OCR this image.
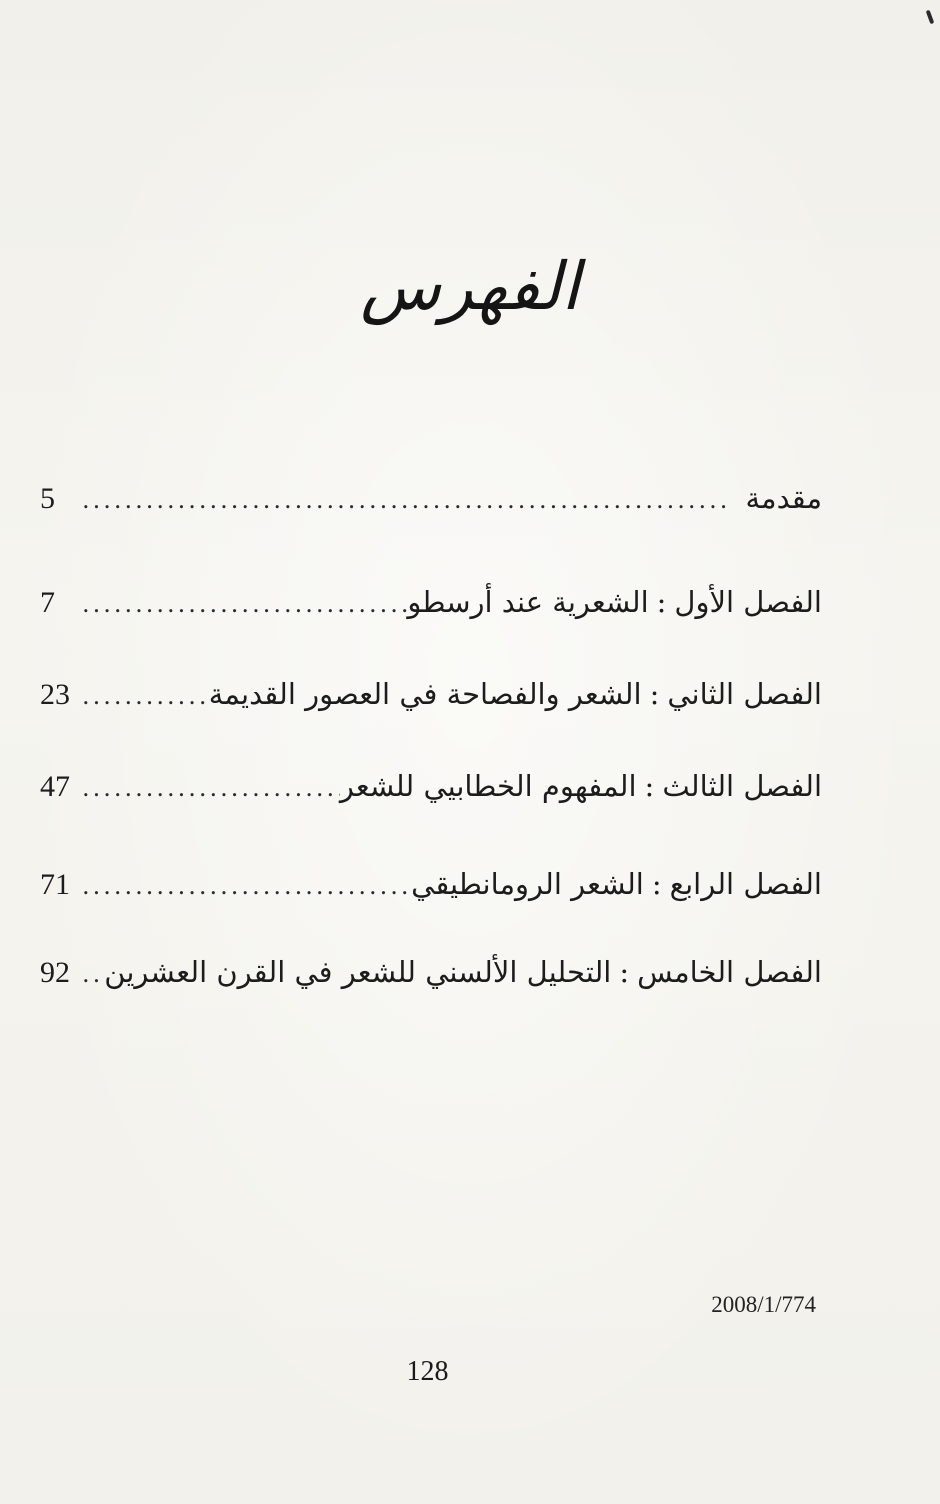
الفهرس
مقدمة
.....
5
الفصل الأول
:
الشعرية عند أرسطو
.....
7
الفصل الثاني
:
الشعر والفصاحة في العصور القديمة
.....
23
الفصل الثالث
:
المفهوم الخطابيي للشعر
.....
47
الفصل الرابع
:
الشعر الرومانطيقي
.....
71
الفصل الخامس
:
التحليل الألسني للشعر في القرن العشرين
.....
92
2008/1/774
128
